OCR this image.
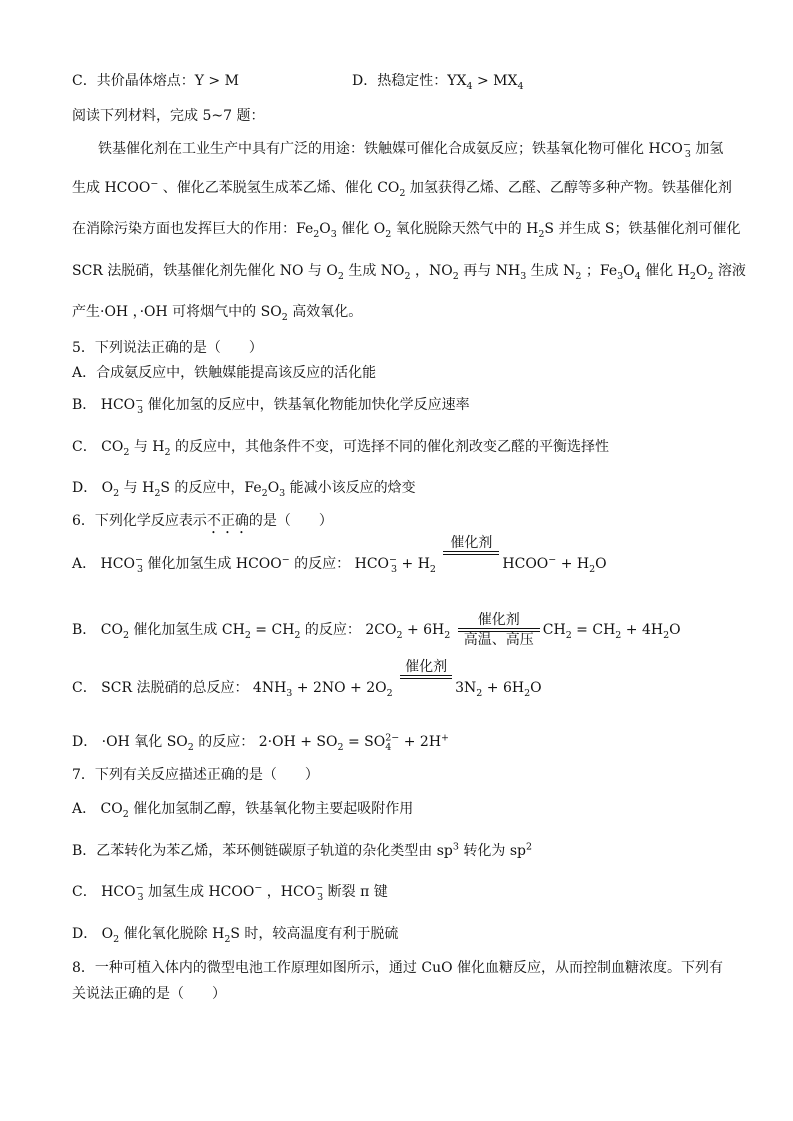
C．共价晶体熔点：Y > M	D．热稳定性：$YX_4 > MX_4$
阅读下列材料，完成 5~7 题：
铁基催化剂在工业生产中具有广泛的用途：铁触媒可催化合成氨反应；铁基氧化物可催化 $HCO^-_3$ 加氢
生成 HCOO− 、催化乙苯脱氢生成苯乙烯、催化 $CO_2$ 加氢获得乙烯、乙醛、乙醇等多种产物。铁基催化剂
在消除污染方面也发挥巨大的作用：$Fe_2O_3$ 催化 $O_2$ 氧化脱除天然气中的 $H_2S$ 并生成 S；铁基催化剂可催化
SCR 法脱硝，铁基催化剂先催化 NO 与 $O_2$ 生成 $NO_2$ ，$NO_2$ 再与 $NH_3$ 生成 $N_2$ ；$Fe_3O_4$ 催化 $H_2O_2$ 溶液
产生·OH ，·OH 可将烟气中的 $SO_2$ 高效氧化。
5．下列说法正确的是（　　）
A．合成氨反应中，铁触媒能提高该反应的活化能
B． $HCO^-_3$ 催化加氢的反应中，铁基氧化物能加快化学反应速率
C． $CO_2$ 与 $H_2$ 的反应中，其他条件不变，可选择不同的催化剂改变乙醛的平衡选择性
D． $O_2$ 与 $H_2S$ 的反应中，$Fe_2O_3$ 能减小该反应的焓变
6．下列化学反应表示不正确的是（　　）
A． $HCO^-_3$ 催化加氢生成 HCOO− 的反应： $HCO^-_3 + H_2$
催化剂

HCOO− + $H_2O$
B． $CO_2$ 催化加氢生成 $CH_2 = CH_2$ 的反应： $2CO_2 + 6H_2 \frac{\text{催化剂}}{\text{高温、高压}} CH_2 = CH_2 + 4H_2O$
C． SCR 法脱硝的总反应： $4NH_3 + 2NO + 2O_2$
催化剂

$3N_2 + 6H_2O$
D． ·OH 氧化 $SO_2$ 的反应： $2\cdot OH + SO_2 = SO^{2-}_4 + 2H^+$
7．下列有关反应描述正确的是（　　）
A． $CO_2$ 催化加氢制乙醇，铁基氧化物主要起吸附作用
B．乙苯转化为苯乙烯，苯环侧链碳原子轨道的杂化类型由 $sp^3$ 转化为 $sp^2$
C． $HCO^-_3$ 加氢生成 HCOO− ，$HCO^-_3$ 断裂 π 键
D． $O_2$ 催化氧化脱除 $H_2S$ 时，较高温度有利于脱硫
8．一种可植入体内的微型电池工作原理如图所示，通过 CuO 催化血糖反应，从而控制血糖浓度。下列有
关说法正确的是（　　）
